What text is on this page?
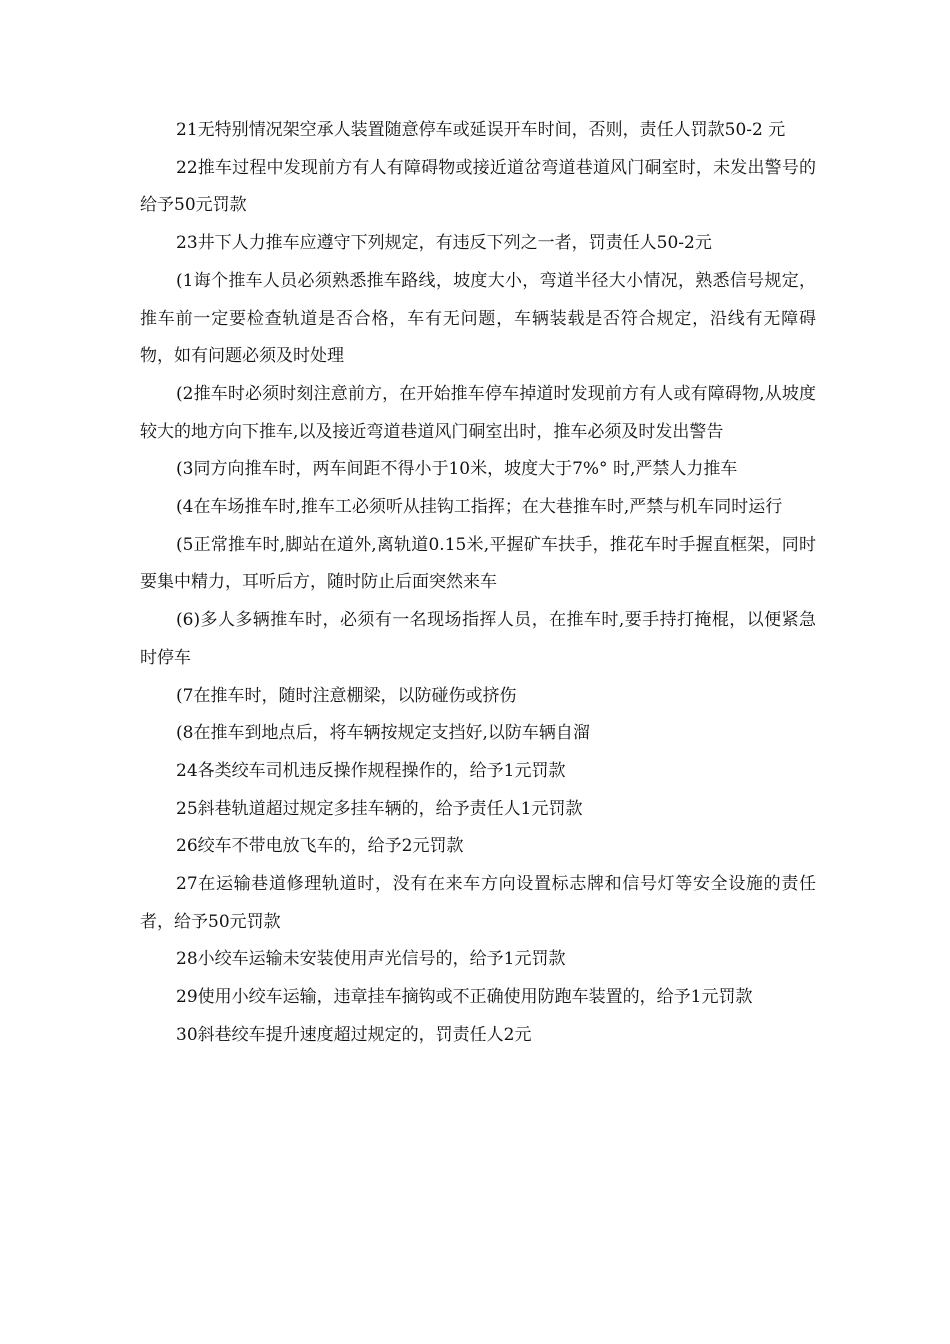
21无特别情况架空承人装置随意停车或延误开车时间，否则，责任人罚款50-2 元

22推车过程中发现前方有人有障碍物或接近道岔弯道巷道风门硐室时，未发出警号的给予50元罚款

23井下人力推车应遵守下列规定，有违反下列之一者，罚责任人50-2元

(1诲个推车人员必须熟悉推车路线，坡度大小，弯道半径大小情况，熟悉信号规定，推车前一定要检查轨道是否合格，车有无问题，车辆装载是否符合规定，沿线有无障碍物，如有问题必须及时处理

(2推车时必须时刻注意前方，在开始推车停车掉道时发现前方有人或有障碍物,从坡度较大的地方向下推车,以及接近弯道巷道风门硐室出时，推车必须及时发出警告

(3同方向推车时，两车间距不得小于10米，坡度大于7%° 时,严禁人力推车

(4在车场推车时,推车工必须听从挂钩工指挥；在大巷推车时,严禁与机车同时运行

(5正常推车时,脚站在道外,离轨道0.15米,平握矿车扶手，推花车时手握直框架，同时要集中精力，耳听后方，随时防止后面突然来车

(6)多人多辆推车时，必须有一名现场指挥人员，在推车时,要手持打掩棍，以便紧急时停车

(7在推车时，随时注意棚梁，以防碰伤或挤伤

(8在推车到地点后，将车辆按规定支挡好,以防车辆自溜

24各类绞车司机违反操作规程操作的，给予1元罚款

25斜巷轨道超过规定多挂车辆的，给予责任人1元罚款

26绞车不带电放飞车的，给予2元罚款

27在运输巷道修理轨道时，没有在来车方向设置标志牌和信号灯等安全设施的责任者，给予50元罚款

28小绞车运输未安装使用声光信号的，给予1元罚款

29使用小绞车运输，违章挂车摘钩或不正确使用防跑车装置的，给予1元罚款

30斜巷绞车提升速度超过规定的，罚责任人2元
